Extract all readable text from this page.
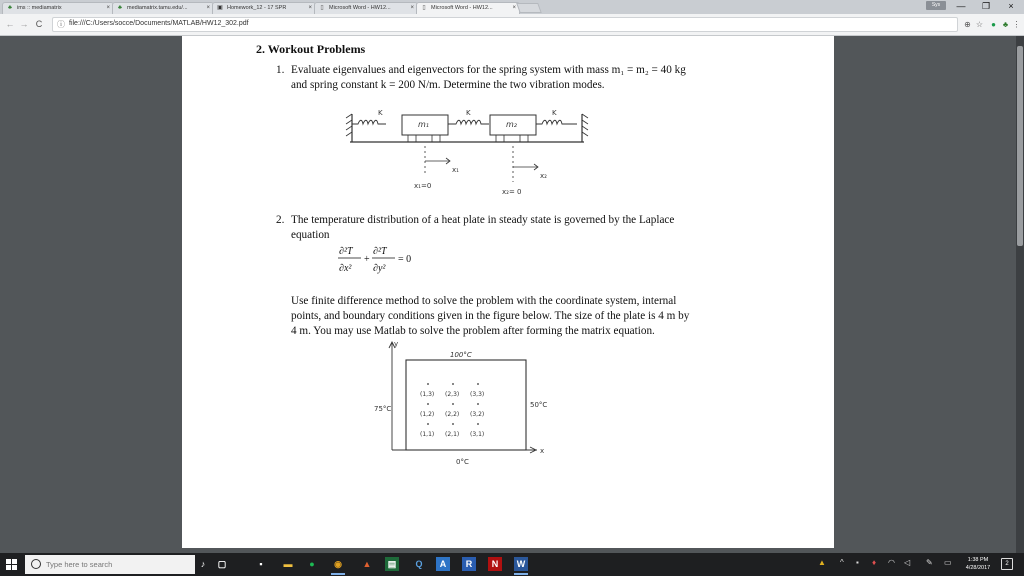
♣ ims :: mediamatrix	×	♣ mediamatrix.tamu.edu/...	× ▣ Homework_12 - 17 SPR	×	▯ Microsoft Word - HW12...	×	▯ Microsoft Word - HW12...	×	Sys	—	❐	×
← → C	ⓘ file:///C:/Users/socce/Documents/MATLAB/HW12_302.pdf	⊕ ☆	● ♣ ⋮
2. Workout Problems
1. Evaluate eigenvalues and eigenvectors for the spring system with mass m₁ = m₂ = 40 kg
and spring constant k = 200 N/m. Determine the two vibration modes.
K	K	K
m₁	m₂
x₁
x₂
x₁=0
x₂= 0
2. The temperature distribution of a heat plate in steady state is governed by the Laplace
equation
∂²T
∂x²
+
∂²T
∂y²
= 0
Use finite difference method to solve the problem with the coordinate system, internal
points, and boundary conditions given in the figure below. The size of the plate is 4 m by
4 m. You may use Matlab to solve the problem after forming the matrix equation.
y
x
100°C
75°C	50°C
0°C
(1,3) (2,3) (3,3)
(1,2) (2,2) (3,2)
(1,1) (2,1) (3,1)
Type here to search	♪	▢	▪	▬	●	◉	▲	▤	Q	A	R	N	W	▲ ^ ▪ ♦ ◠ ◁ ✎ ▭	1:38 PM
4/28/2017
2
